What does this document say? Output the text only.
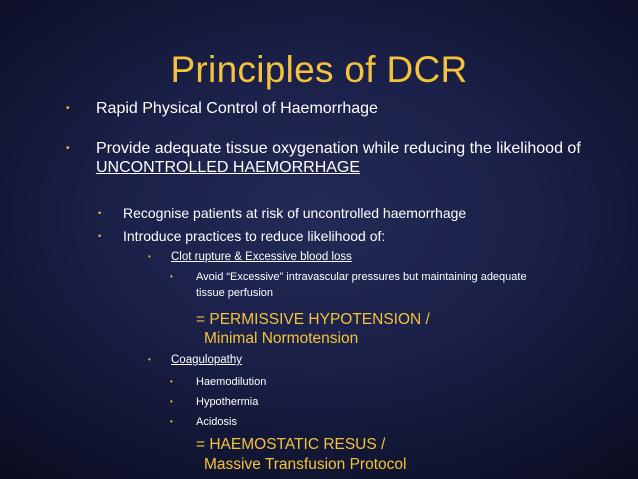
Principles of DCR
•	Rapid Physical Control of Haemorrhage
•	Provide adequate tissue oxygenation while reducing the likelihood of UNCONTROLLED HAEMORRHAGE
•	Recognise patients at risk of uncontrolled haemorrhage
•	Introduce practices to reduce likelihood of:
•	Clot rupture & Excessive blood loss
•	Avoid “Excessive” intravascular pressures but maintaining adequate tissue perfusion
= PERMISSIVE HYPOTENSION /
Minimal Normotension
•	Coagulopathy
•	Haemodilution
•	Hypothermia
•	Acidosis
= HAEMOSTATIC RESUS /
Massive Transfusion Protocol
